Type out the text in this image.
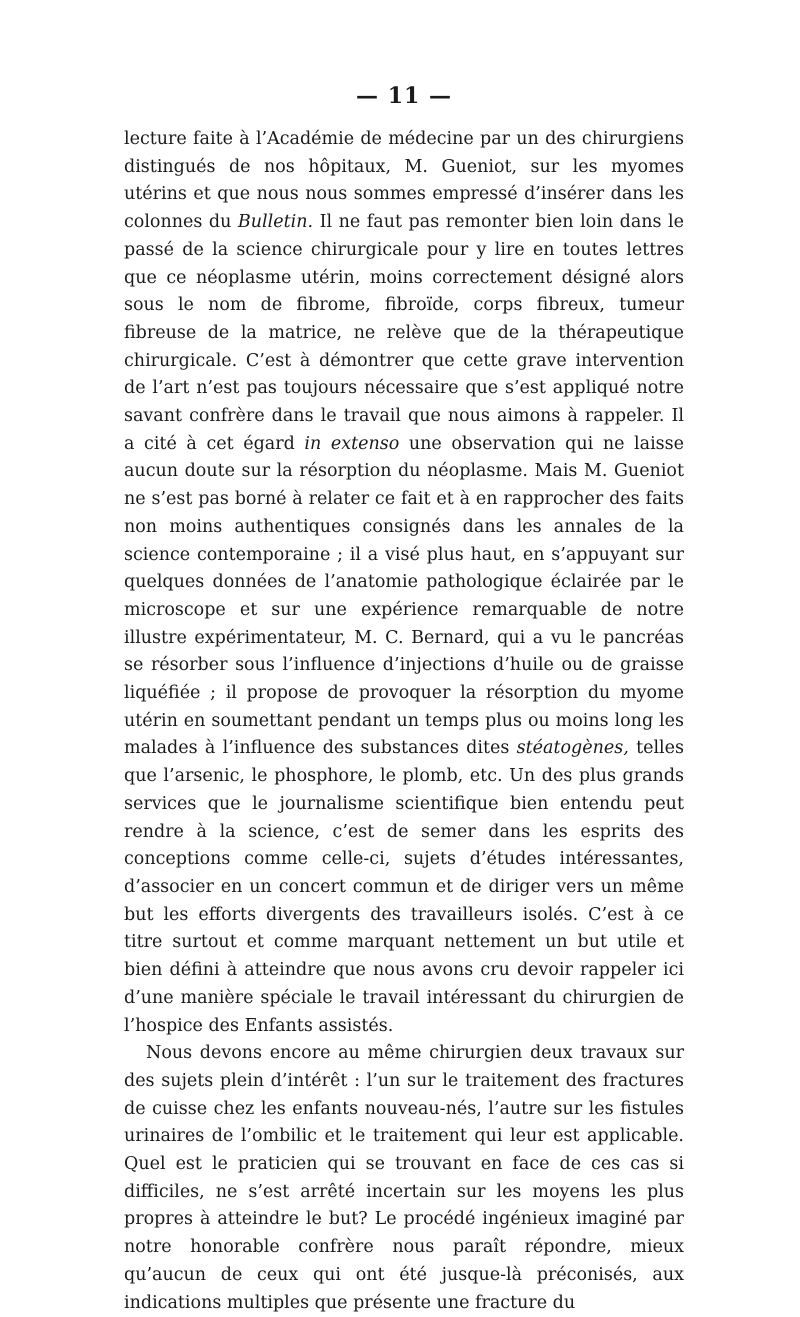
— 11 —

lecture faite à l’Académie de médecine par un des chirurgiens distingués de nos hôpitaux, M. Gueniot, sur les myomes utérins et que nous nous sommes empressé d’insérer dans les colonnes du Bulletin. Il ne faut pas remonter bien loin dans le passé de la science chirurgicale pour y lire en toutes lettres que ce néoplasme utérin, moins correctement désigné alors sous le nom de fibrome, fibroïde, corps fibreux, tumeur fibreuse de la matrice, ne relève que de la thérapeutique chirurgicale. C’est à démontrer que cette grave intervention de l’art n’est pas toujours nécessaire que s’est appliqué notre savant confrère dans le travail que nous aimons à rappeler. Il a cité à cet égard in extenso une observation qui ne laisse aucun doute sur la résorption du néoplasme. Mais M. Gueniot ne s’est pas borné à relater ce fait et à en rapprocher des faits non moins authentiques consignés dans les annales de la science contemporaine ; il a visé plus haut, en s’appuyant sur quelques données de l’anatomie pathologique éclairée par le microscope et sur une expérience remarquable de notre illustre expérimentateur, M. C. Bernard, qui a vu le pancréas se résorber sous l’influence d’injections d’huile ou de graisse liquéfiée ; il propose de provoquer la résorption du myome utérin en soumettant pendant un temps plus ou moins long les malades à l’influence des substances dites stéatogènes, telles que l’arsenic, le phosphore, le plomb, etc. Un des plus grands services que le journalisme scientifique bien entendu peut rendre à la science, c’est de semer dans les esprits des conceptions comme celle-ci, sujets d’études intéressantes, d’associer en un concert commun et de diriger vers un même but les efforts divergents des travailleurs isolés. C’est à ce titre surtout et comme marquant nettement un but utile et bien défini à atteindre que nous avons cru devoir rappeler ici d’une manière spéciale le travail intéressant du chirurgien de l’hospice des Enfants assistés.

Nous devons encore au même chirurgien deux travaux sur des sujets plein d’intérêt : l’un sur le traitement des fractures de cuisse chez les enfants nouveau-nés, l’autre sur les fistules urinaires de l’ombilic et le traitement qui leur est applicable. Quel est le praticien qui se trouvant en face de ces cas si difficiles, ne s’est arrêté incertain sur les moyens les plus propres à atteindre le but? Le procédé ingénieux imaginé par notre honorable confrère nous paraît répondre, mieux qu’aucun de ceux qui ont été jusque-là préconisés, aux indications multiples que présente une fracture du
